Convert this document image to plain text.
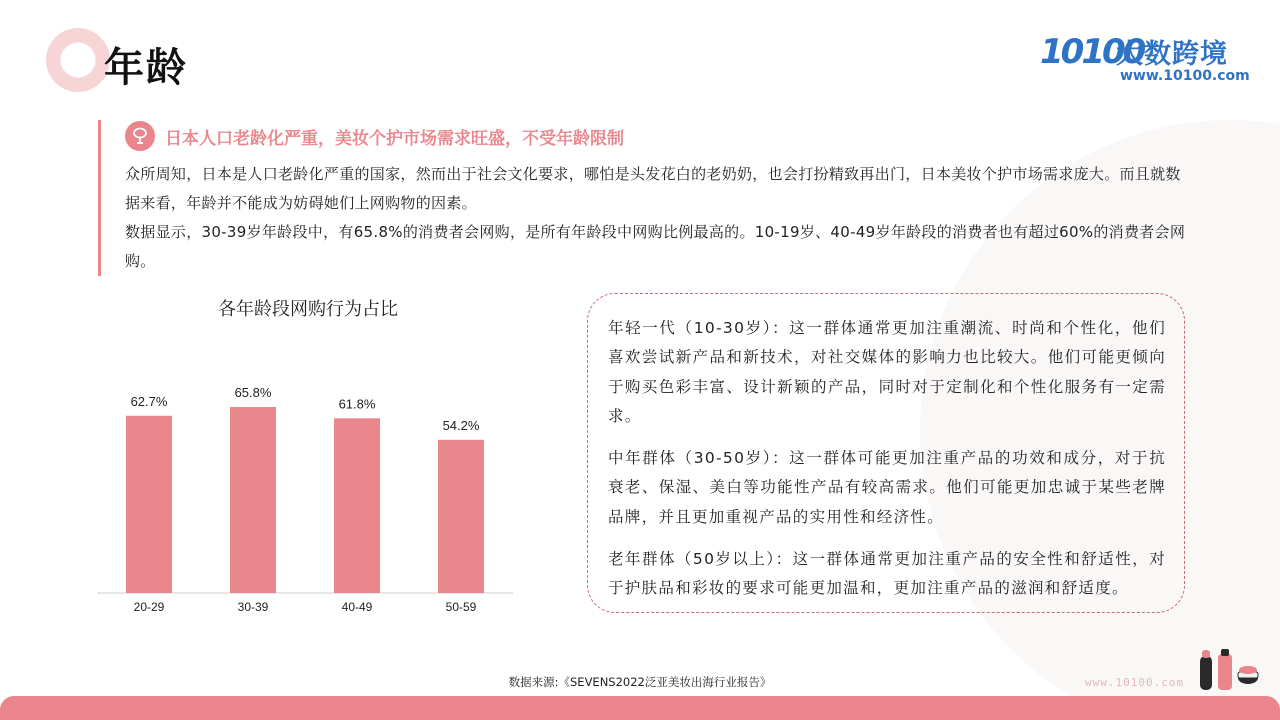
年龄	10100
大数跨境
www.10100.com
日本人口老龄化严重，美妆个护市场需求旺盛，不受年龄限制

众所周知，日本是人口老龄化严重的国家，然而出于社会文化要求，哪怕是头发花白的老奶奶，也会打扮精致再出门，日本美妆个护市场需求庞大。而且就数据来看，年龄并不能成为妨碍她们上网购物的因素。

数据显示，30-39岁年龄段中，有65.8%的消费者会网购，是所有年龄段中网购比例最高的。10-19岁、40-49岁年龄段的消费者也有超过60%的消费者会网购。

各年龄段网购行为占比
62.7%
20-29
65.8%
30-39
61.8%
40-49
54.2%
50-59

年轻一代（10-30岁）：这一群体通常更加注重潮流、时尚和个性化，他们喜欢尝试新产品和新技术，对社交媒体的影响力也比较大。他们可能更倾向于购买色彩丰富、设计新颖的产品，同时对于定制化和个性化服务有一定需求。

中年群体（30-50岁）：这一群体可能更加注重产品的功效和成分，对于抗衰老、保湿、美白等功能性产品有较高需求。他们可能更加忠诚于某些老牌品牌，并且更加重视产品的实用性和经济性。

老年群体（50岁以上）：这一群体通常更加注重产品的安全性和舒适性，对于护肤品和彩妆的要求可能更加温和，更加注重产品的滋润和舒适度。

数据来源:《SEVENS2022泛亚美妆出海行业报告》	www.10100.com
